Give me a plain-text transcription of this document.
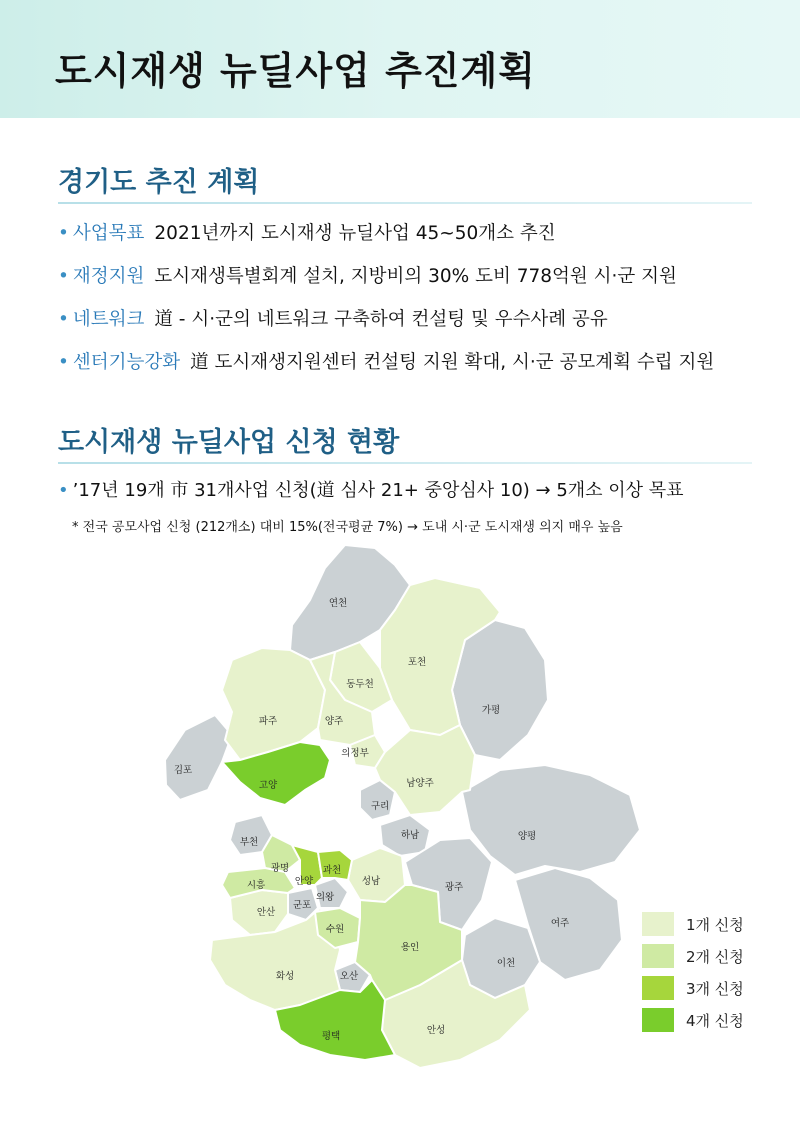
도시재생 뉴딜사업 추진계획
경기도 추진 계획
• 사업목표 2021년까지 도시재생 뉴딜사업 45~50개소 추진
• 재정지원 도시재생특별회계 설치, 지방비의 30% 도비 778억원 시·군 지원
• 네트워크 道 - 시·군의 네트워크 구축하여 컨설팅 및 우수사례 공유
• 센터기능강화 道 도시재생지원센터 컨설팅 지원 확대, 시·군 공모계획 수립 지원
도시재생 뉴딜사업 신청 현황
• ’17년 19개 市 31개사업 신청(道 심사 21+ 중앙심사 10) → 5개소 이상 목표
* 전국 공모사업 신청 (212개소) 대비 15%(전국평균 7%) → 도내 시·군 도시재생 의지 매우 높음
연천
포천
가평
동두천
파주	양주
의정부
김포
고양	남양주
구리
하남	양평
부천
광명
시흥	안양
과천
성남
의왕
군포
안산
광주
수원
용인
여주
이천
화성	오산
평택
안성
1개 신청
2개 신청
3개 신청
4개 신청
